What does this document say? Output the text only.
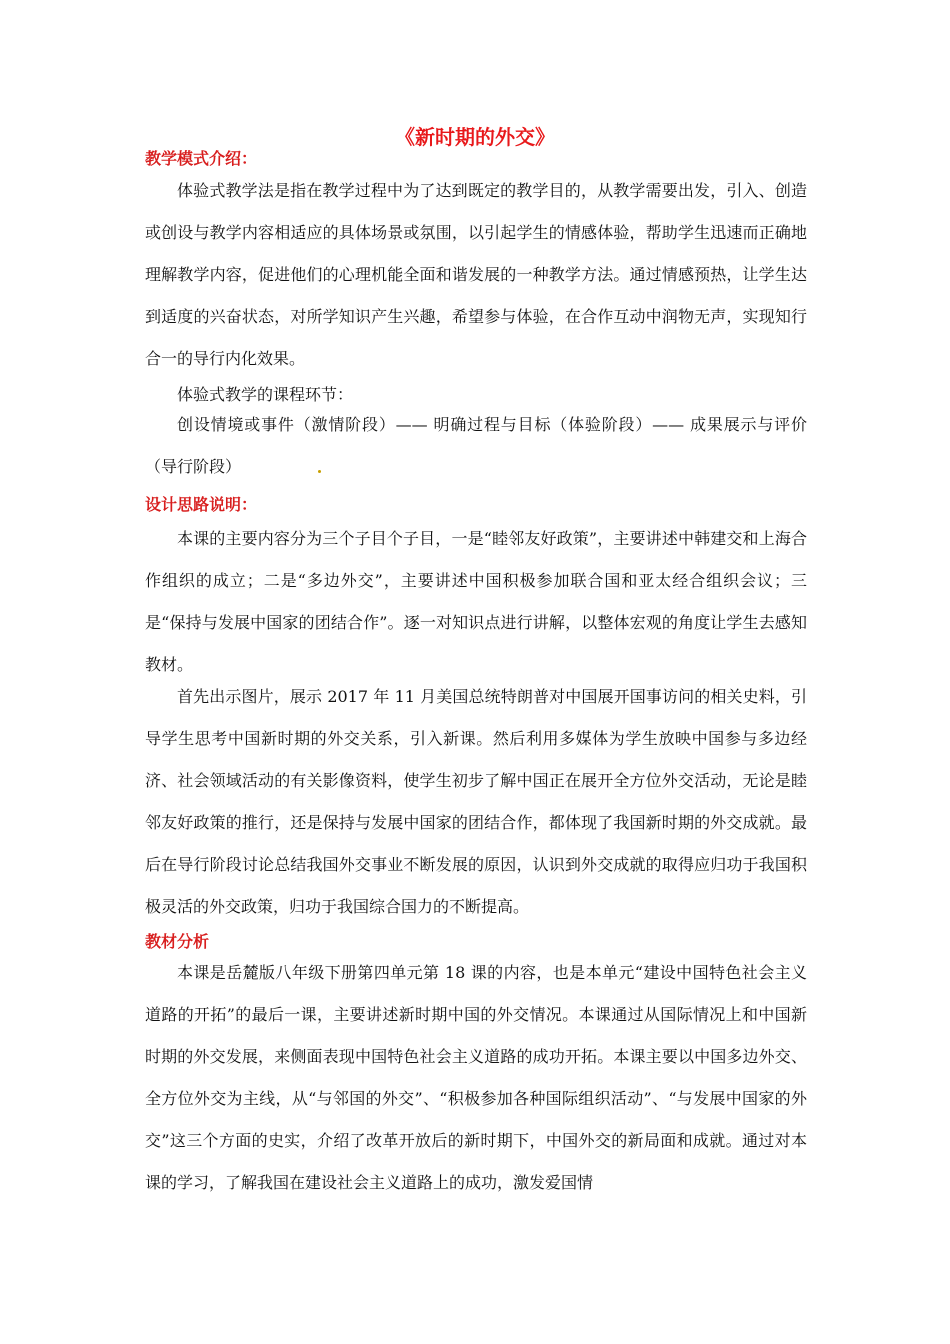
《新时期的外交》
教学模式介绍：
体验式教学法是指在教学过程中为了达到既定的教学目的，从教学需要出发，引入、创造或创设与教学内容相适应的具体场景或氛围，以引起学生的情感体验，帮助学生迅速而正确地理解教学内容，促进他们的心理机能全面和谐发展的一种教学方法。通过情感预热，让学生达到适度的兴奋状态，对所学知识产生兴趣，希望参与体验，在合作互动中润物无声，实现知行合一的导行内化效果。
体验式教学的课程环节：
创设情境或事件（激情阶段）—— 明确过程与目标（体验阶段）—— 成果展示与评价（导行阶段）
设计思路说明：
本课的主要内容分为三个子目个子目，一是“睦邻友好政策”，主要讲述中韩建交和上海合作组织的成立；二是“多边外交”，主要讲述中国积极参加联合国和亚太经合组织会议；三是“保持与发展中国家的团结合作”。逐一对知识点进行讲解，以整体宏观的角度让学生去感知教材。
首先出示图片，展示 2017 年 11 月美国总统特朗普对中国展开国事访问的相关史料，引导学生思考中国新时期的外交关系，引入新课。然后利用多媒体为学生放映中国参与多边经济、社会领域活动的有关影像资料，使学生初步了解中国正在展开全方位外交活动，无论是睦邻友好政策的推行，还是保持与发展中国家的团结合作，都体现了我国新时期的外交成就。最后在导行阶段讨论总结我国外交事业不断发展的原因，认识到外交成就的取得应归功于我国积极灵活的外交政策，归功于我国综合国力的不断提高。
教材分析
本课是岳麓版八年级下册第四单元第 18 课的内容，也是本单元“建设中国特色社会主义道路的开拓”的最后一课，主要讲述新时期中国的外交情况。本课通过从国际情况上和中国新时期的外交发展，来侧面表现中国特色社会主义道路的成功开拓。本课主要以中国多边外交、全方位外交为主线，从“与邻国的外交”、“积极参加各种国际组织活动”、“与发展中国家的外交”这三个方面的史实，介绍了改革开放后的新时期下，中国外交的新局面和成就。通过对本课的学习，了解我国在建设社会主义道路上的成功，激发爱国情
